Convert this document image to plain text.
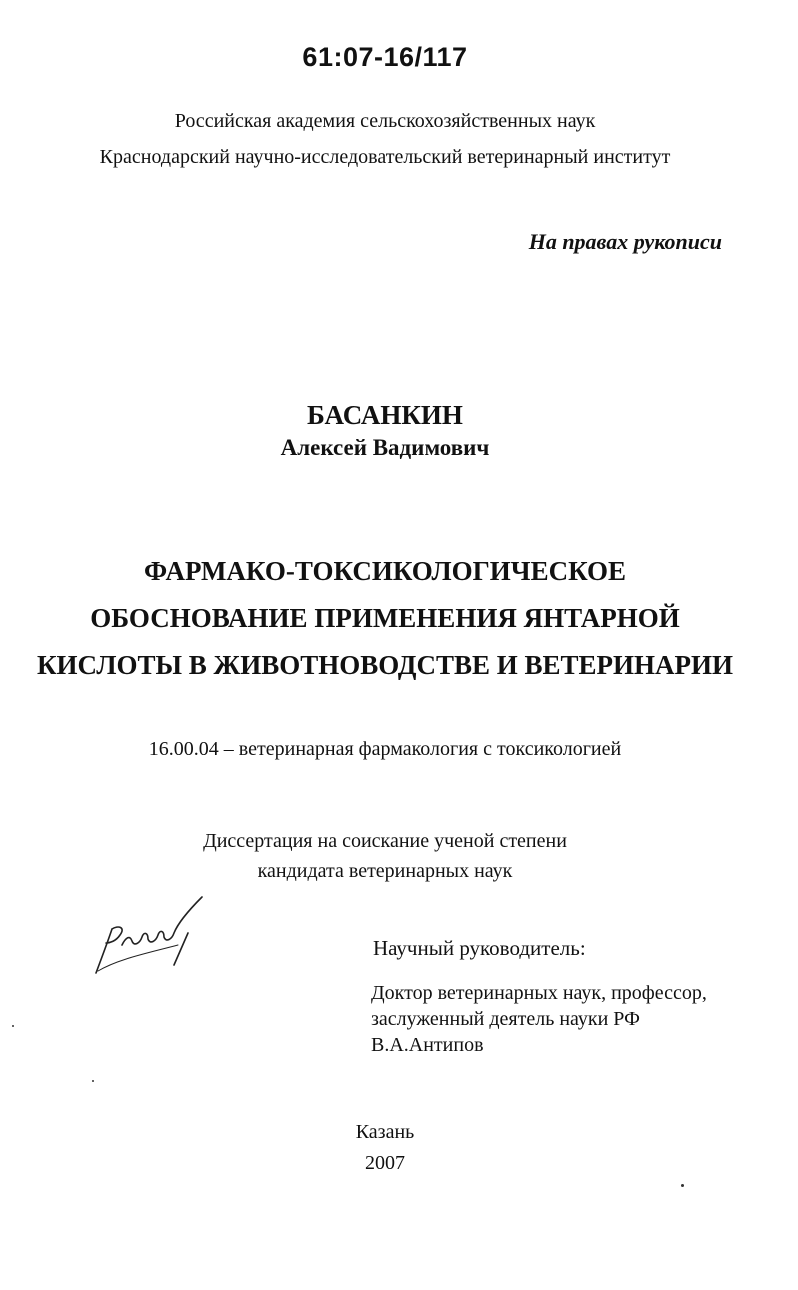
61:07-16/117
Российская академия сельскохозяйственных наук
Краснодарский научно-исследовательский ветеринарный институт
На правах рукописи
БАСАНКИН
Алексей Вадимович
ФАРМАКО-ТОКСИКОЛОГИЧЕСКОЕ
ОБОСНОВАНИЕ ПРИМЕНЕНИЯ ЯНТАРНОЙ
КИСЛОТЫ В ЖИВОТНОВОДСТВЕ И ВЕТЕРИНАРИИ
16.00.04 – ветеринарная фармакология с токсикологией
Диссертация на соискание ученой степени
кандидата ветеринарных наук
Научный руководитель:
Доктор ветеринарных наук, профессор,
заслуженный деятель науки РФ
В.А.Антипов
Казань
2007
